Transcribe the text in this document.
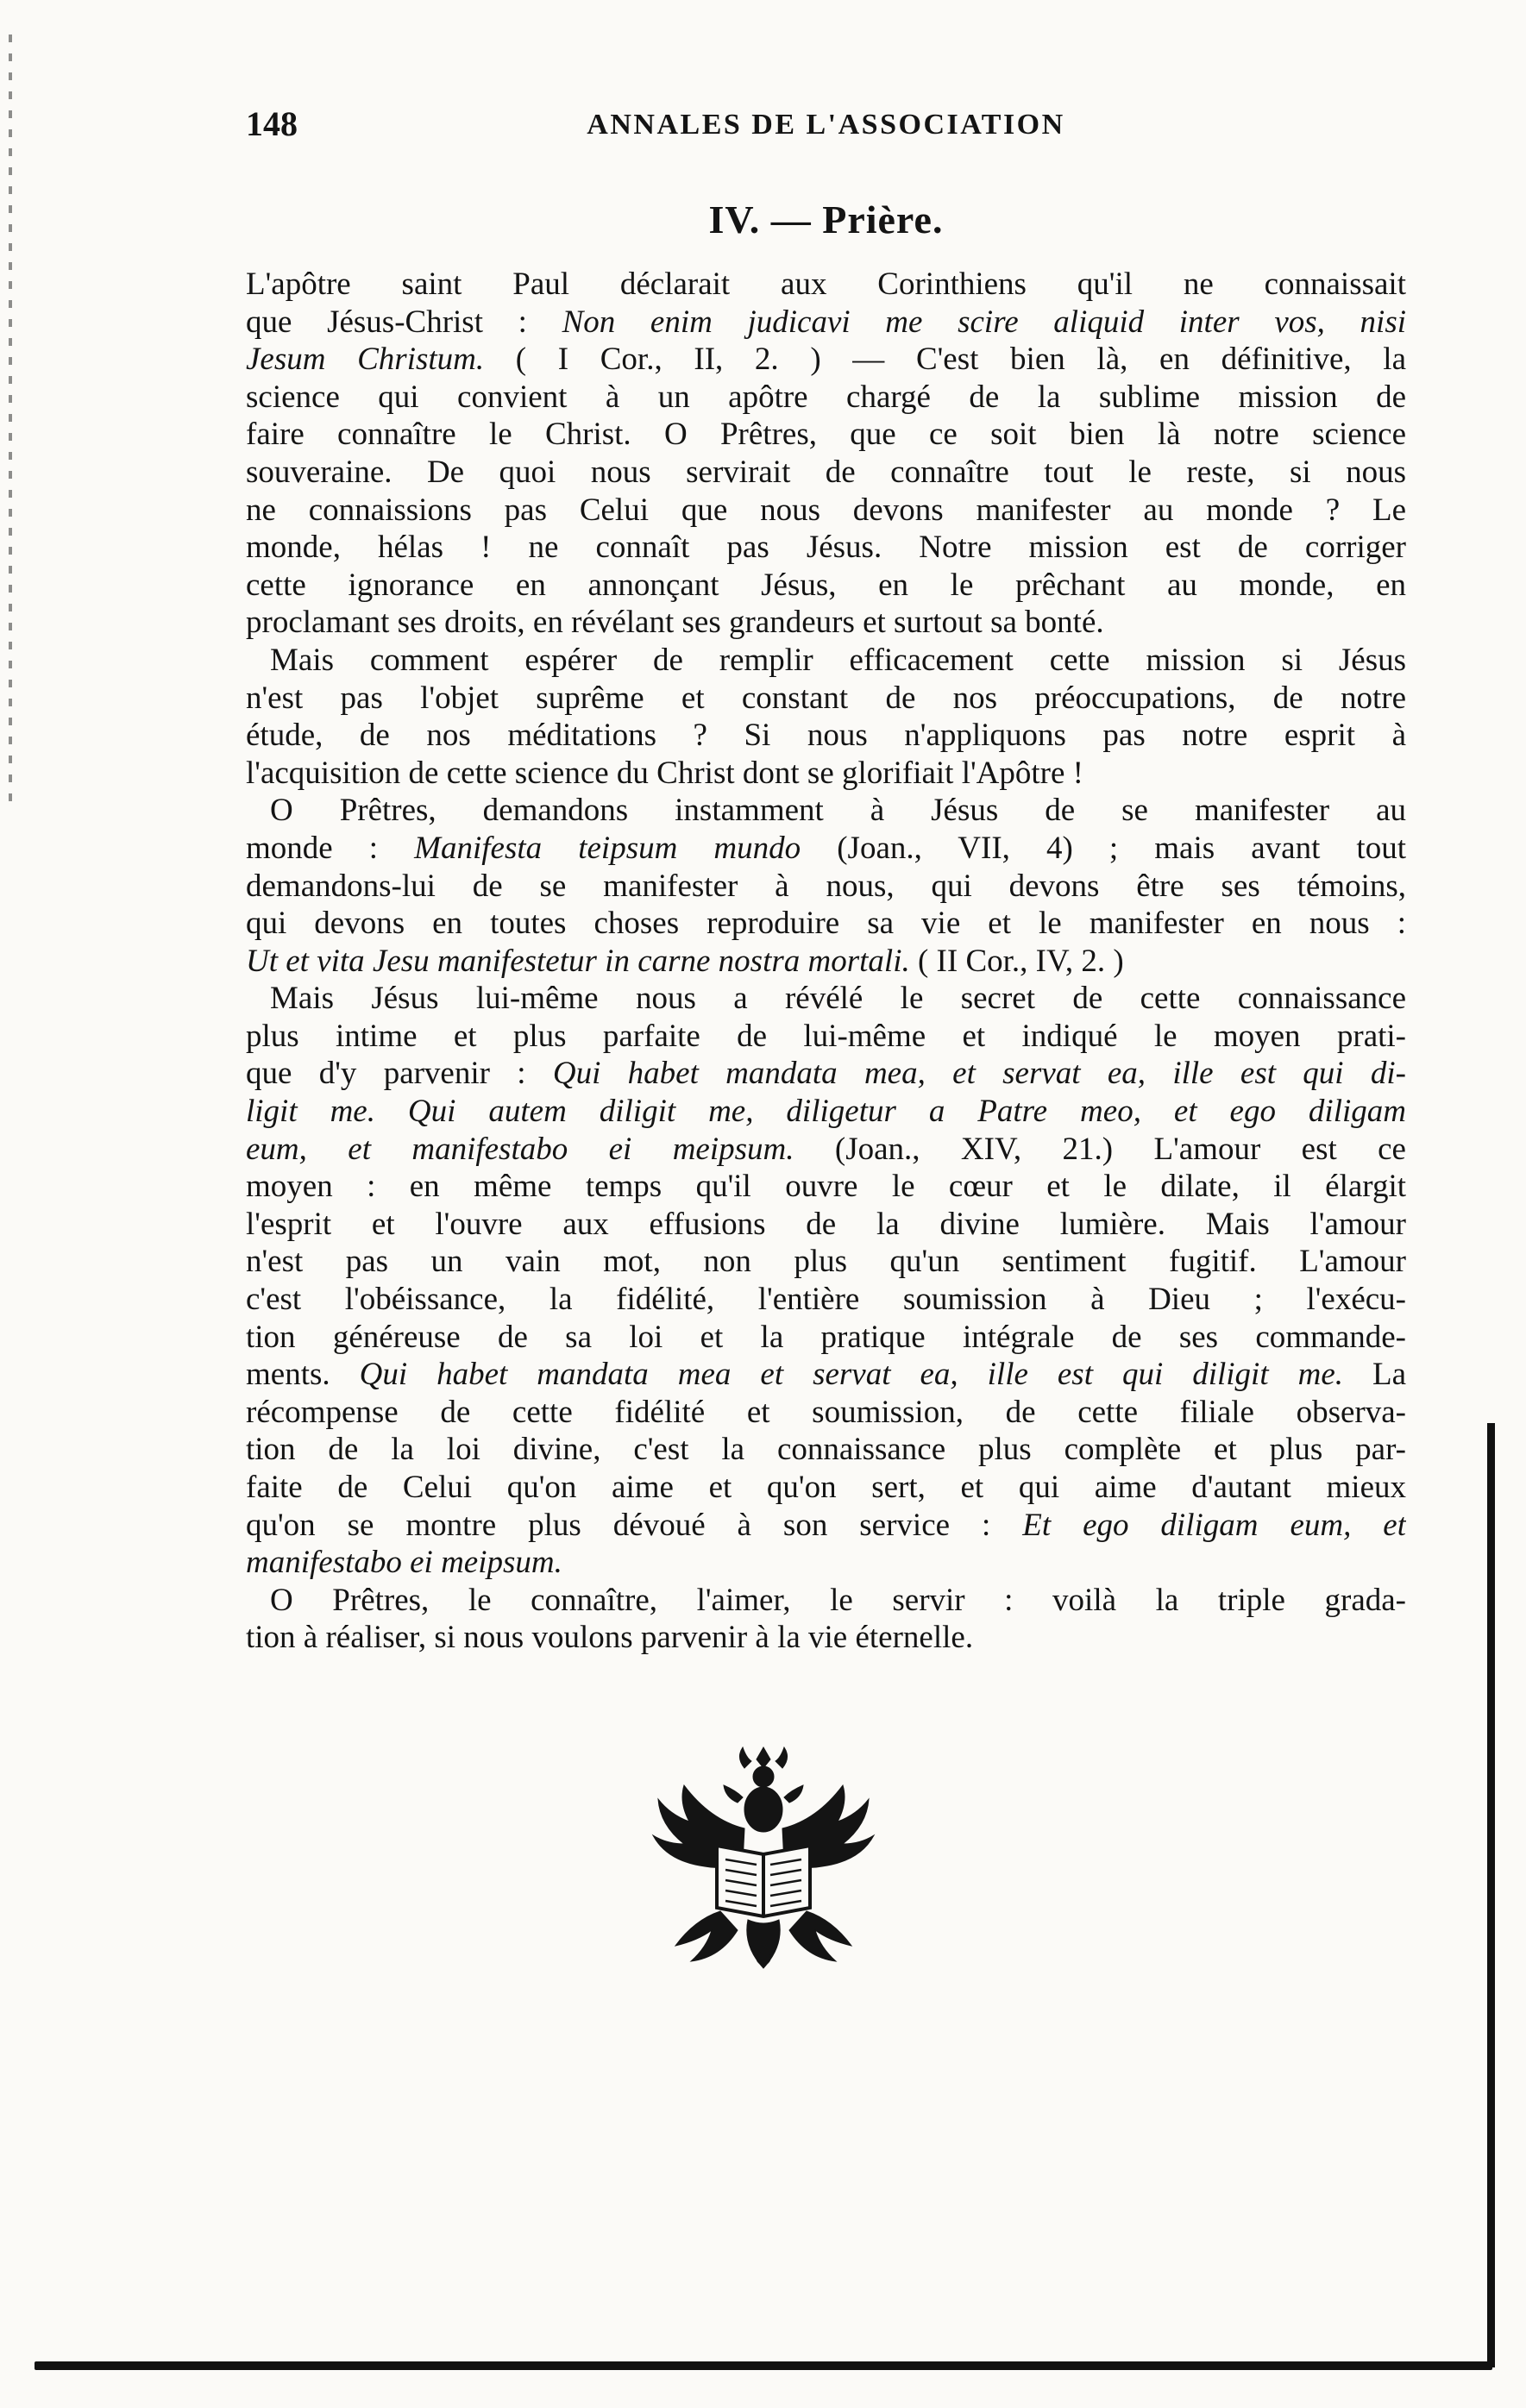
148	ANNALES DE L'ASSOCIATION
IV. — Prière.
L'apôtre saint Paul déclarait aux Corinthiens qu'il ne connaissait
que Jésus-Christ : Non enim judicavi me scire aliquid inter vos, nisi
Jesum Christum. ( I Cor., II, 2. ) — C'est bien là, en définitive, la
science qui convient à un apôtre chargé de la sublime mission de
faire connaître le Christ. O Prêtres, que ce soit bien là notre science
souveraine. De quoi nous servirait de connaître tout le reste, si nous
ne connaissions pas Celui que nous devons manifester au monde ? Le
monde, hélas ! ne connaît pas Jésus. Notre mission est de corriger
cette ignorance en annonçant Jésus, en le prêchant au monde, en
proclamant ses droits, en révélant ses grandeurs et surtout sa bonté.
Mais comment espérer de remplir efficacement cette mission si Jésus
n'est pas l'objet suprême et constant de nos préoccupations, de notre
étude, de nos méditations ? Si nous n'appliquons pas notre esprit à
l'acquisition de cette science du Christ dont se glorifiait l'Apôtre !
O Prêtres, demandons instamment à Jésus de se manifester au
monde : Manifesta teipsum mundo (Joan., VII, 4) ; mais avant tout
demandons-lui de se manifester à nous, qui devons être ses témoins,
qui devons en toutes choses reproduire sa vie et le manifester en nous :
Ut et vita Jesu manifestetur in carne nostra mortali. ( II Cor., IV, 2. )
Mais Jésus lui-même nous a révélé le secret de cette connaissance
plus intime et plus parfaite de lui-même et indiqué le moyen prati-
que d'y parvenir : Qui habet mandata mea, et servat ea, ille est qui di-
ligit me. Qui autem diligit me, diligetur a Patre meo, et ego diligam
eum, et manifestabo ei meipsum. (Joan., XIV, 21.) L'amour est ce
moyen : en même temps qu'il ouvre le cœur et le dilate, il élargit
l'esprit et l'ouvre aux effusions de la divine lumière. Mais l'amour
n'est pas un vain mot, non plus qu'un sentiment fugitif. L'amour
c'est l'obéissance, la fidélité, l'entière soumission à Dieu ; l'exécu-
tion généreuse de sa loi et la pratique intégrale de ses commande-
ments. Qui habet mandata mea et servat ea, ille est qui diligit me. La
récompense de cette fidélité et soumission, de cette filiale observa-
tion de la loi divine, c'est la connaissance plus complète et plus par-
faite de Celui qu'on aime et qu'on sert, et qui aime d'autant mieux
qu'on se montre plus dévoué à son service : Et ego diligam eum, et
manifestabo ei meipsum.
O Prêtres, le connaître, l'aimer, le servir : voilà la triple grada-
tion à réaliser, si nous voulons parvenir à la vie éternelle.
